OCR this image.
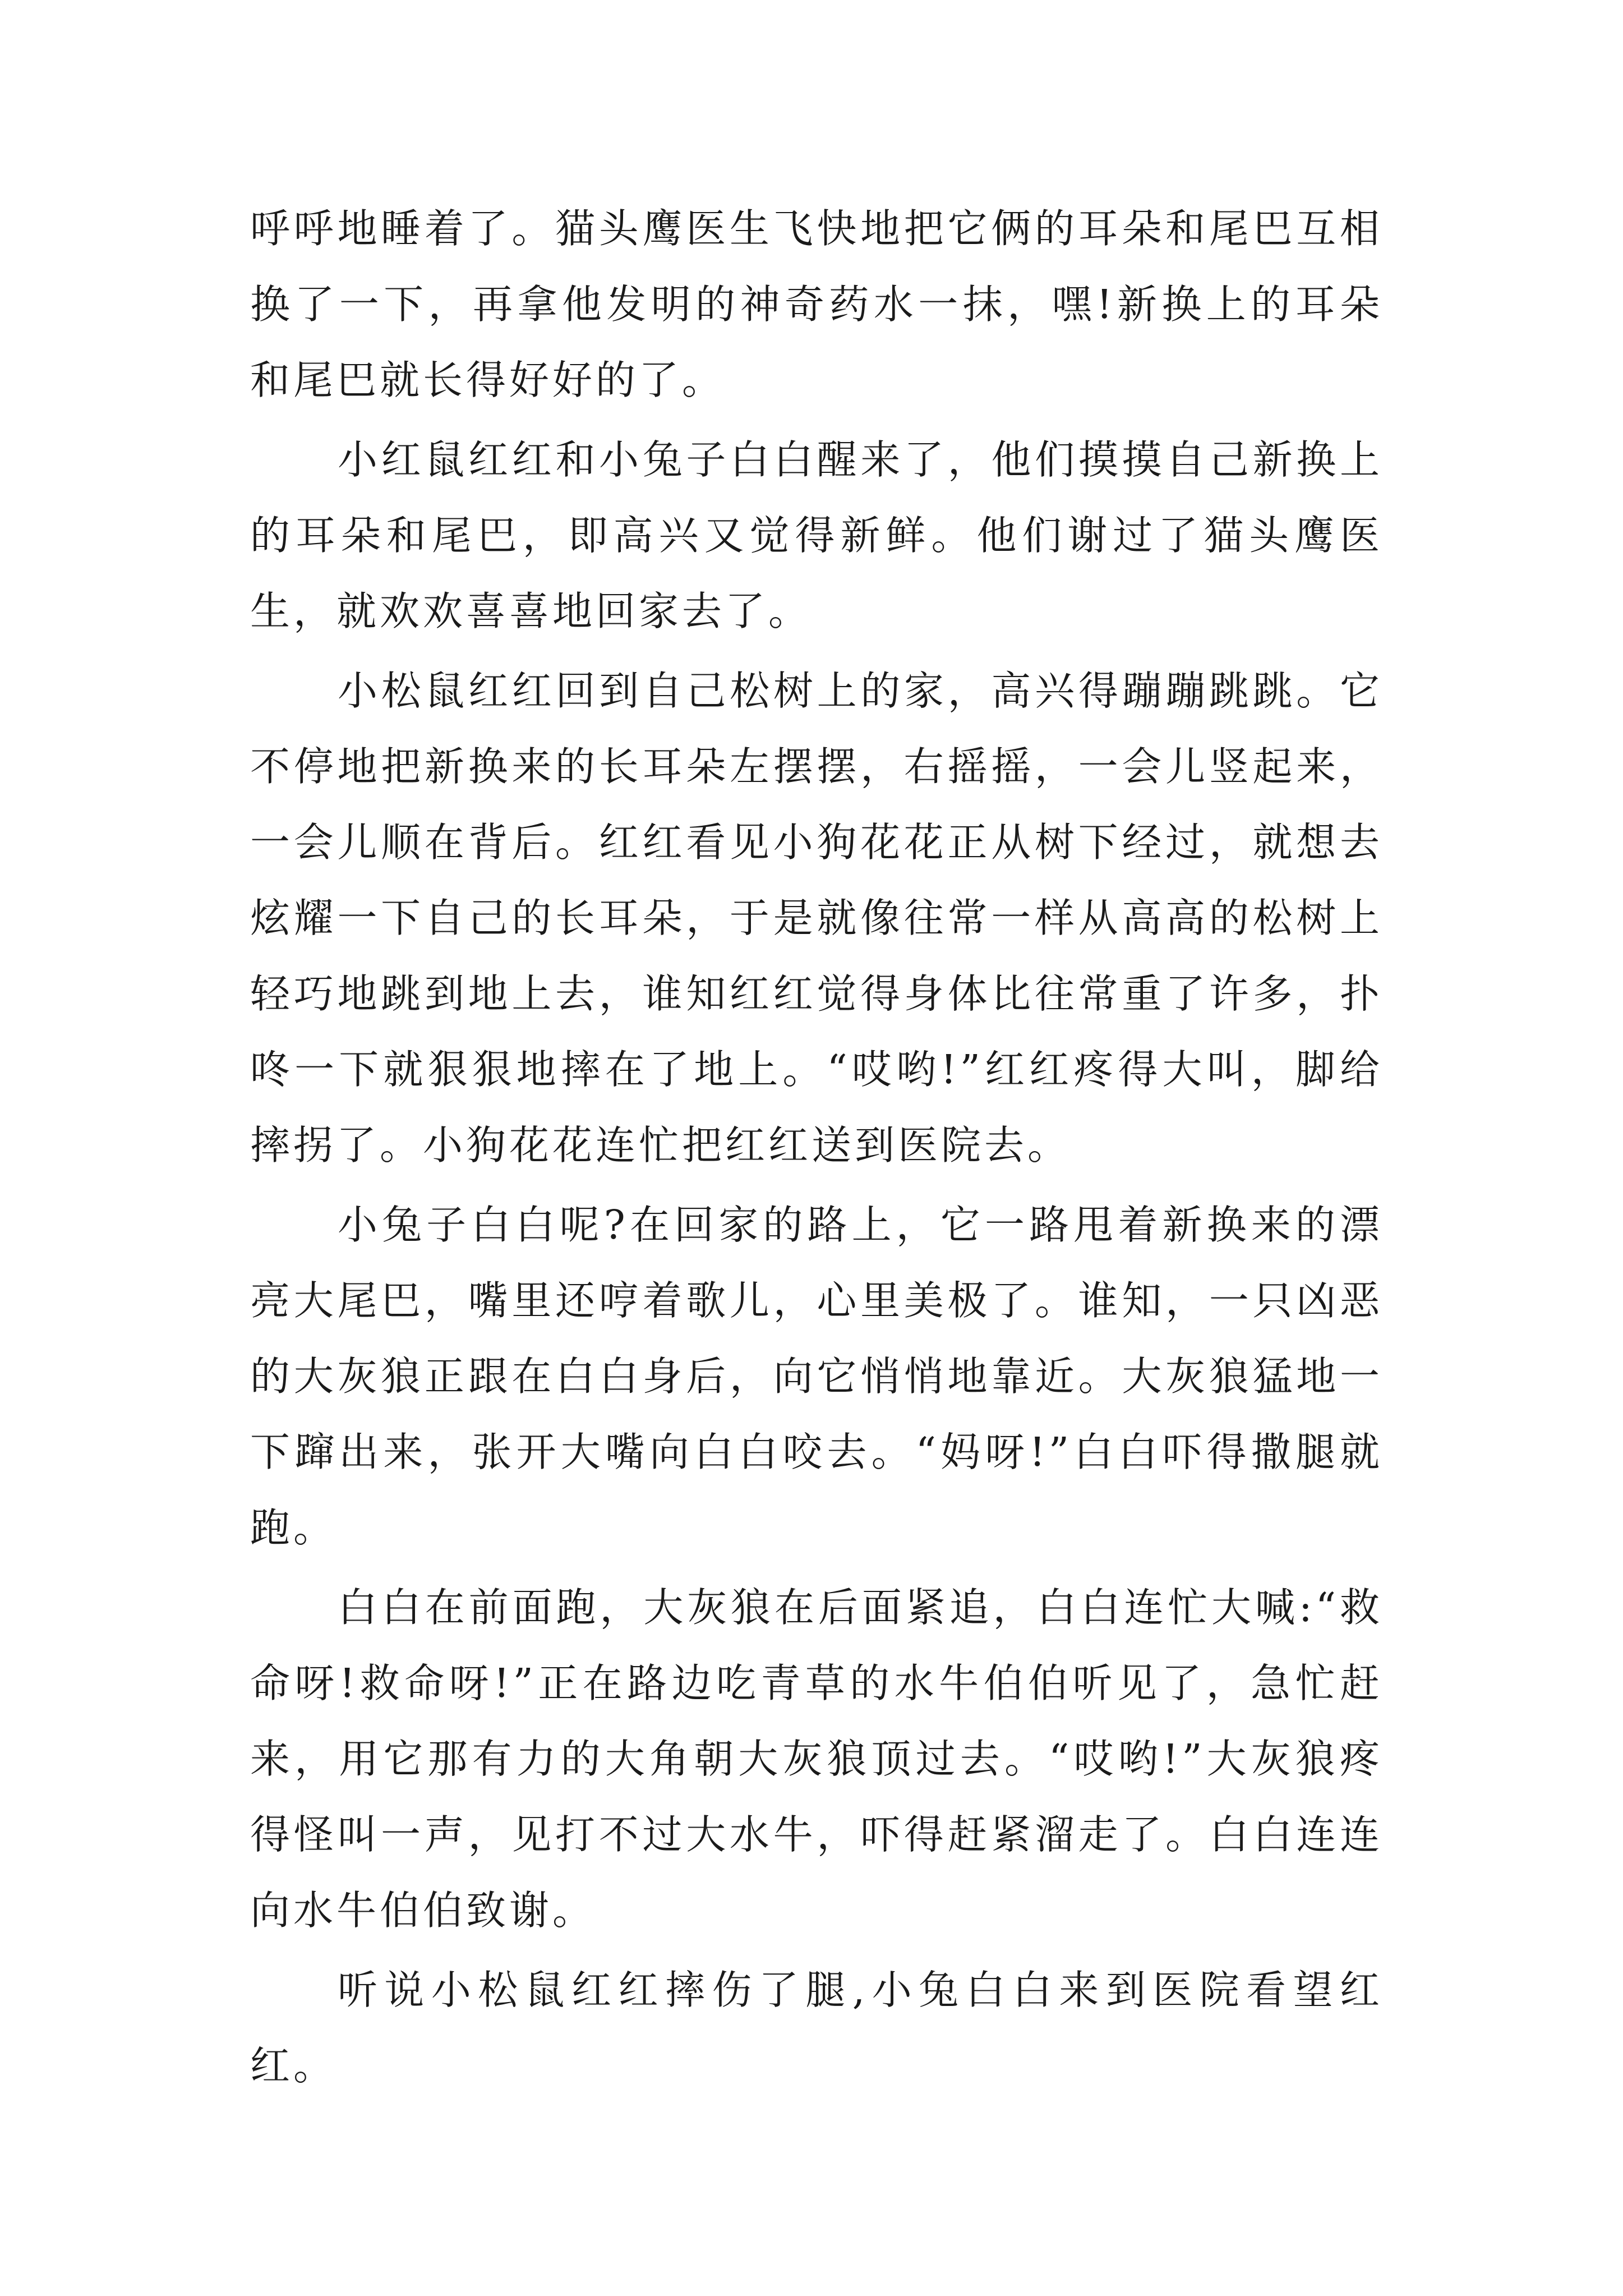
呼呼地睡着了。猫头鹰医生飞快地把它俩的耳朵和尾巴互相换了一下，再拿他发明的神奇药水一抹，嘿!新换上的耳朵和尾巴就长得好好的了。

小红鼠红红和小兔子白白醒来了，他们摸摸自己新换上的耳朵和尾巴，即高兴又觉得新鲜。他们谢过了猫头鹰医生，就欢欢喜喜地回家去了。

小松鼠红红回到自己松树上的家，高兴得蹦蹦跳跳。它不停地把新换来的长耳朵左摆摆，右摇摇，一会儿竖起来，一会儿顺在背后。红红看见小狗花花正从树下经过，就想去炫耀一下自己的长耳朵，于是就像往常一样从高高的松树上轻巧地跳到地上去，谁知红红觉得身体比往常重了许多，扑咚一下就狠狠地摔在了地上。“哎哟!”红红疼得大叫，脚给摔拐了。小狗花花连忙把红红送到医院去。

小兔子白白呢?在回家的路上，它一路甩着新换来的漂亮大尾巴，嘴里还哼着歌儿，心里美极了。谁知，一只凶恶的大灰狼正跟在白白身后，向它悄悄地靠近。大灰狼猛地一下蹿出来，张开大嘴向白白咬去。“妈呀!”白白吓得撒腿就跑。

白白在前面跑，大灰狼在后面紧追，白白连忙大喊:“救命呀!救命呀!”正在路边吃青草的水牛伯伯听见了，急忙赶来，用它那有力的大角朝大灰狼顶过去。“哎哟!”大灰狼疼得怪叫一声，见打不过大水牛，吓得赶紧溜走了。白白连连向水牛伯伯致谢。

听说小松鼠红红摔伤了腿,小兔白白来到医院看望红红。
